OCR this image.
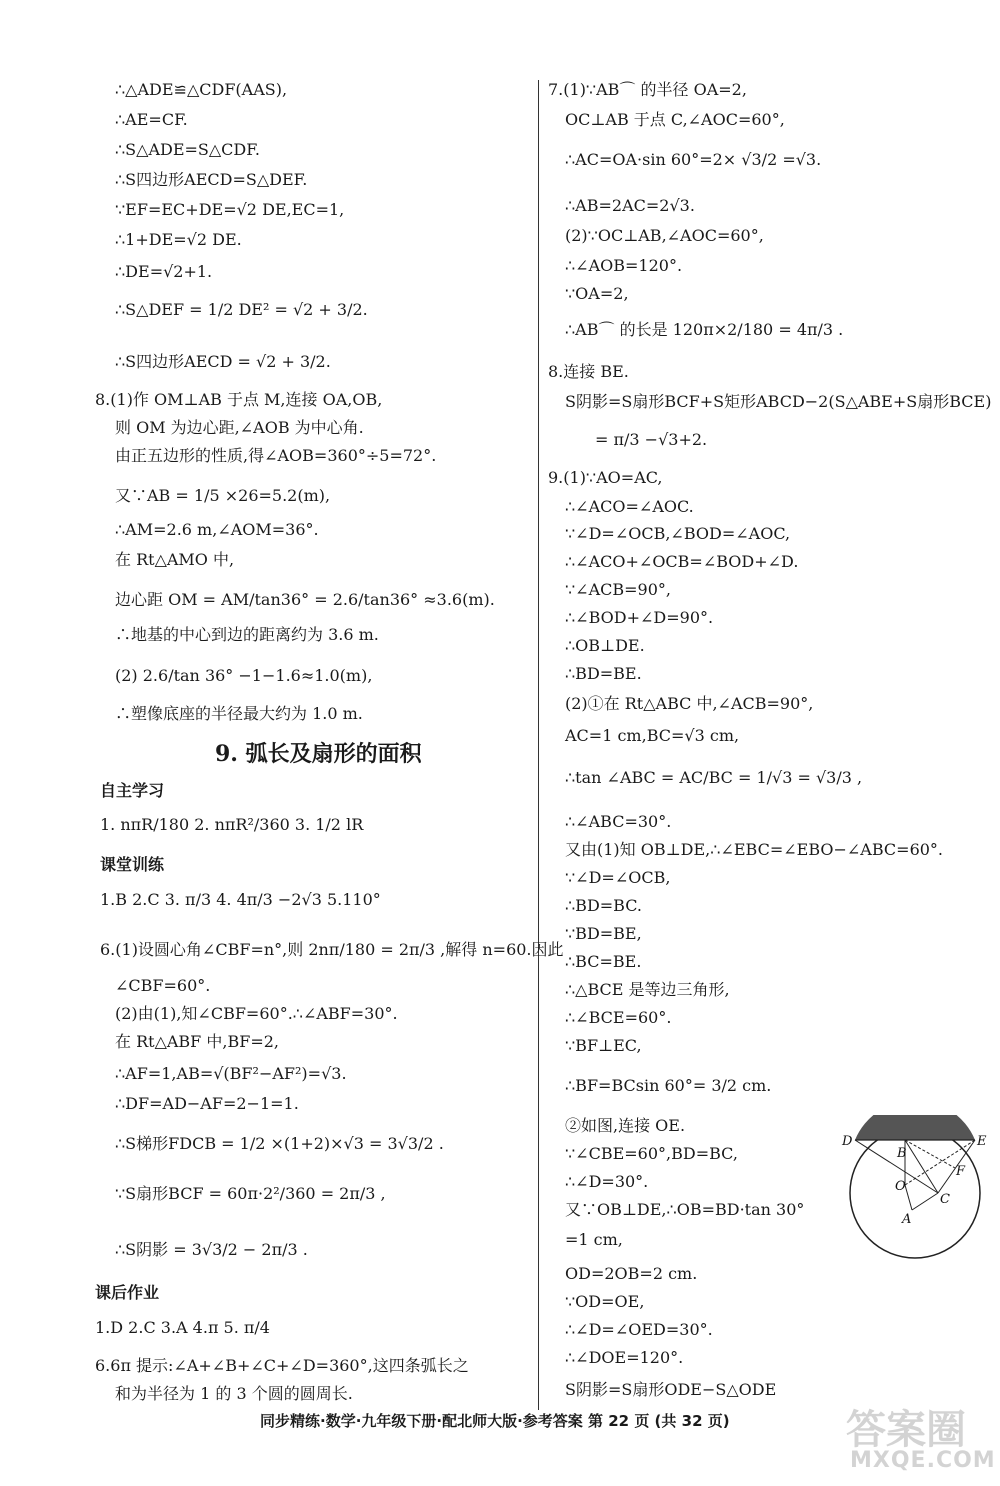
∴△ADE≌△CDF(AAS),
∴AE=CF.
∴S△ADE=S△CDF.
∴S四边形AECD=S△DEF.
∵EF=EC+DE=√2 DE,EC=1,
∴1+DE=√2 DE.
∴DE=√2+1.
∴S△DEF = 1/2 DE² = √2 + 3/2.
∴S四边形AECD = √2 + 3/2.
8.(1)作 OM⊥AB 于点 M,连接 OA,OB,
则 OM 为边心距,∠AOB 为中心角.
由正五边形的性质,得∠AOB=360°÷5=72°.
又∵AB = 1/5 ×26=5.2(m),
∴AM=2.6 m,∠AOM=36°.
在 Rt△AMO 中,
边心距 OM = AM/tan36° = 2.6/tan36° ≈3.6(m).
∴地基的中心到边的距离约为 3.6 m.
(2) 2.6/tan 36° −1−1.6≈1.0(m),
∴塑像底座的半径最大约为 1.0 m.
9. 弧长及扇形的面积
自主学习
1. nπR/180 2. nπR²/360 3. 1/2 lR
课堂训练
1.B 2.C 3. π/3 4. 4π/3 −2√3 5.110°
6.(1)设圆心角∠CBF=n°,则 2nπ/180 = 2π/3 ,解得 n=60.因此
∠CBF=60°.
(2)由(1),知∠CBF=60°.∴∠ABF=30°.
在 Rt△ABF 中,BF=2,
∴AF=1,AB=√(BF²−AF²)=√3.
∴DF=AD−AF=2−1=1.
∴S梯形FDCB = 1/2 ×(1+2)×√3 = 3√3/2 .
∵S扇形BCF = 60π·2²/360 = 2π/3 ,
∴S阴影 = 3√3/2 − 2π/3 .
课后作业
1.D 2.C 3.A 4.π 5. π/4
6.6π 提示:∠A+∠B+∠C+∠D=360°,这四条弧长之
和为半径为 1 的 3 个圆的圆周长.
7.(1)∵AB⌒ 的半径 OA=2,
OC⊥AB 于点 C,∠AOC=60°,
∴AC=OA·sin 60°=2× √3/2 =√3.
∴AB=2AC=2√3.
(2)∵OC⊥AB,∠AOC=60°,
∴∠AOB=120°.
∵OA=2,
∴AB⌒ 的长是 120π×2/180 = 4π/3 .
8.连接 BE.
S阴影=S扇形BCF+S矩形ABCD−2(S△ABE+S扇形BCE)
= π/3 −√3+2.
9.(1)∵AO=AC,
∴∠ACO=∠AOC.
∵∠D=∠OCB,∠BOD=∠AOC,
∴∠ACO+∠OCB=∠BOD+∠D.
∵∠ACB=90°,
∴∠BOD+∠D=90°.
∴OB⊥DE.
∴BD=BE.
(2)①在 Rt△ABC 中,∠ACB=90°,
AC=1 cm,BC=√3 cm,
∴tan ∠ABC = AC/BC = 1/√3 = √3/3 ,
∴∠ABC=30°.
又由(1)知 OB⊥DE,∴∠EBC=∠EBO−∠ABC=60°.
∵∠D=∠OCB,
∴BD=BC.
∵BD=BE,
∴BC=BE.
∴△BCE 是等边三角形,
∴∠BCE=60°.
∵BF⊥EC,
∴BF=BCsin 60°= 3/2 cm.
②如图,连接 OE.
∵∠CBE=60°,BD=BC,
∴∠D=30°.
又∵OB⊥DE,∴OB=BD·tan 30°
=1 cm,
OD=2OB=2 cm.
∵OD=OE,
∴∠D=∠OED=30°.
∴∠DOE=120°.
S阴影=S扇形ODE−S△ODE
D
B
E
F
O
C
A
同步精练·数学·九年级下册·配北师大版·参考答案 第 22 页 (共 32 页)	答案圈
MXQE.COM
